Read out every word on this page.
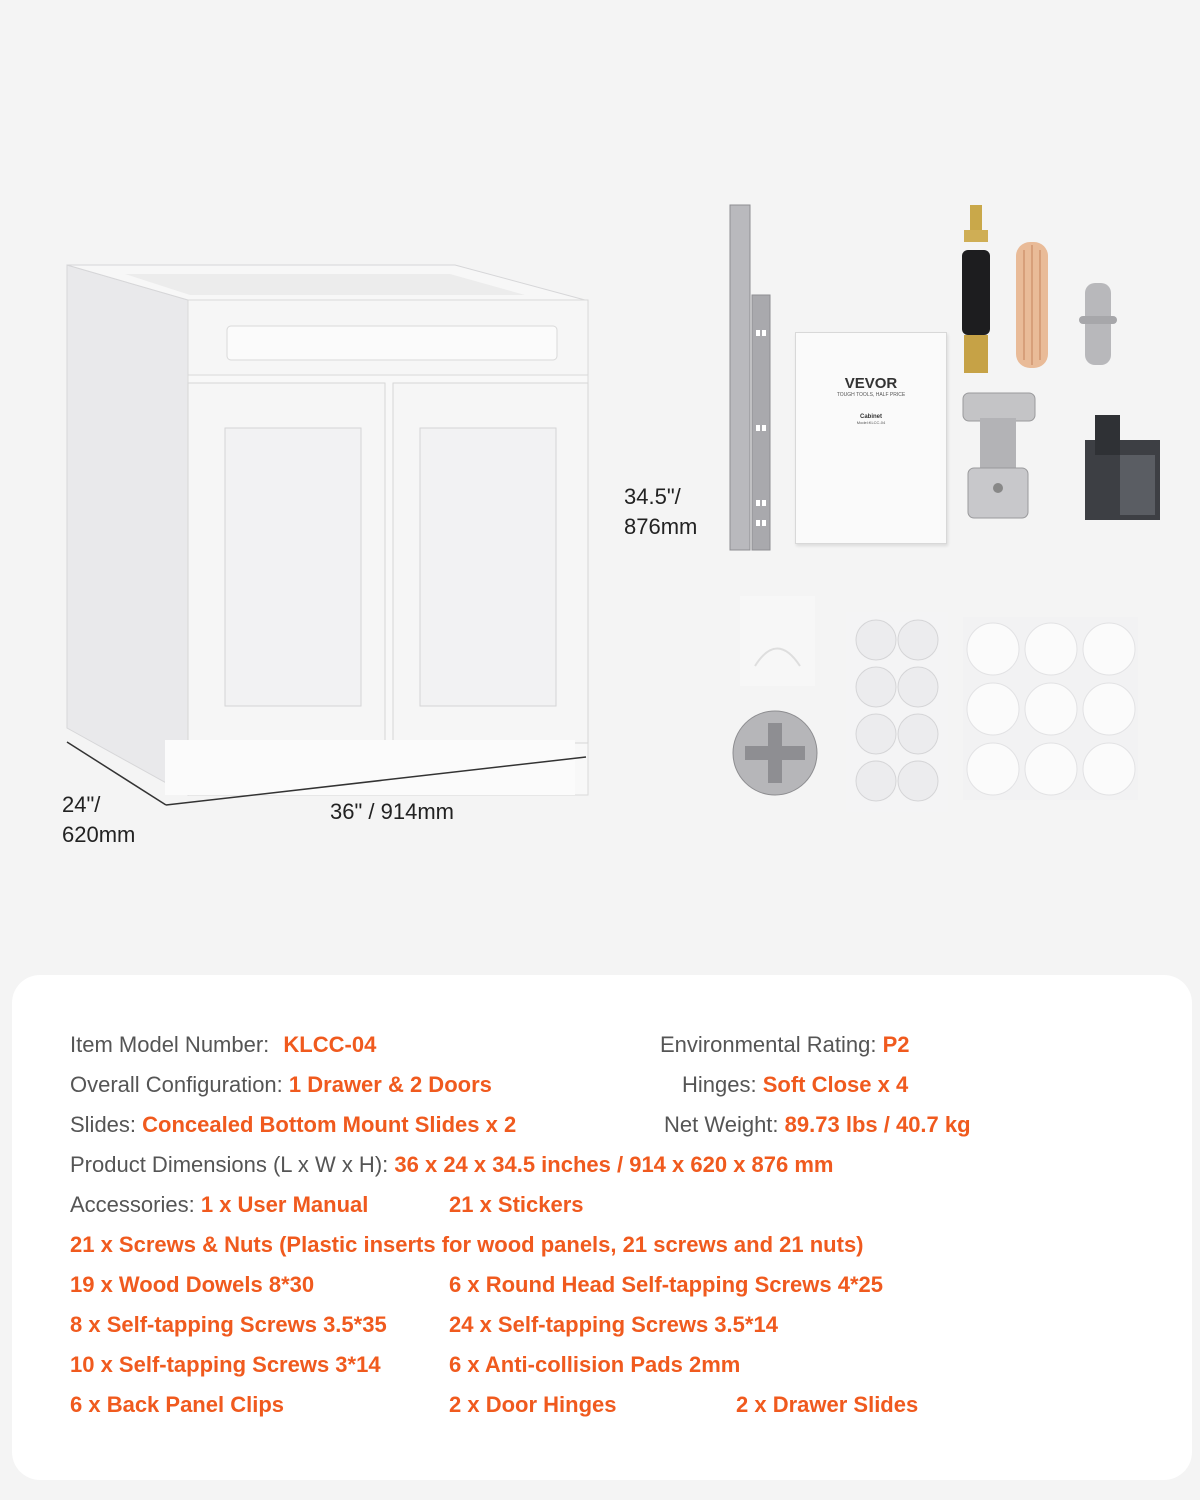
34.5"/
876mm
36" / 914mm
24"/
620mm
VEVOR
TOUGH TOOLS, HALF PRICE
Cabinet
Model:KLCC-04
Item Model Number: KLCC-04	Environmental Rating: P2
Overall Configuration: 1 Drawer & 2 Doors	Hinges: Soft Close x 4
Slides: Concealed Bottom Mount Slides x 2	Net Weight: 89.73 lbs / 40.7 kg
Product Dimensions (L x W x H): 36 x 24 x 34.5 inches / 914 x 620 x 876 mm
Accessories: 1 x User Manual	21 x Stickers
21 x Screws & Nuts (Plastic inserts for wood panels, 21 screws and 21 nuts)
19 x Wood Dowels 8*30	6 x Round Head Self-tapping Screws 4*25
8 x Self-tapping Screws 3.5*35	24 x Self-tapping Screws 3.5*14
10 x Self-tapping Screws 3*14	6 x Anti-collision Pads 2mm
6 x Back Panel Clips	2 x Door Hinges	2 x Drawer Slides
